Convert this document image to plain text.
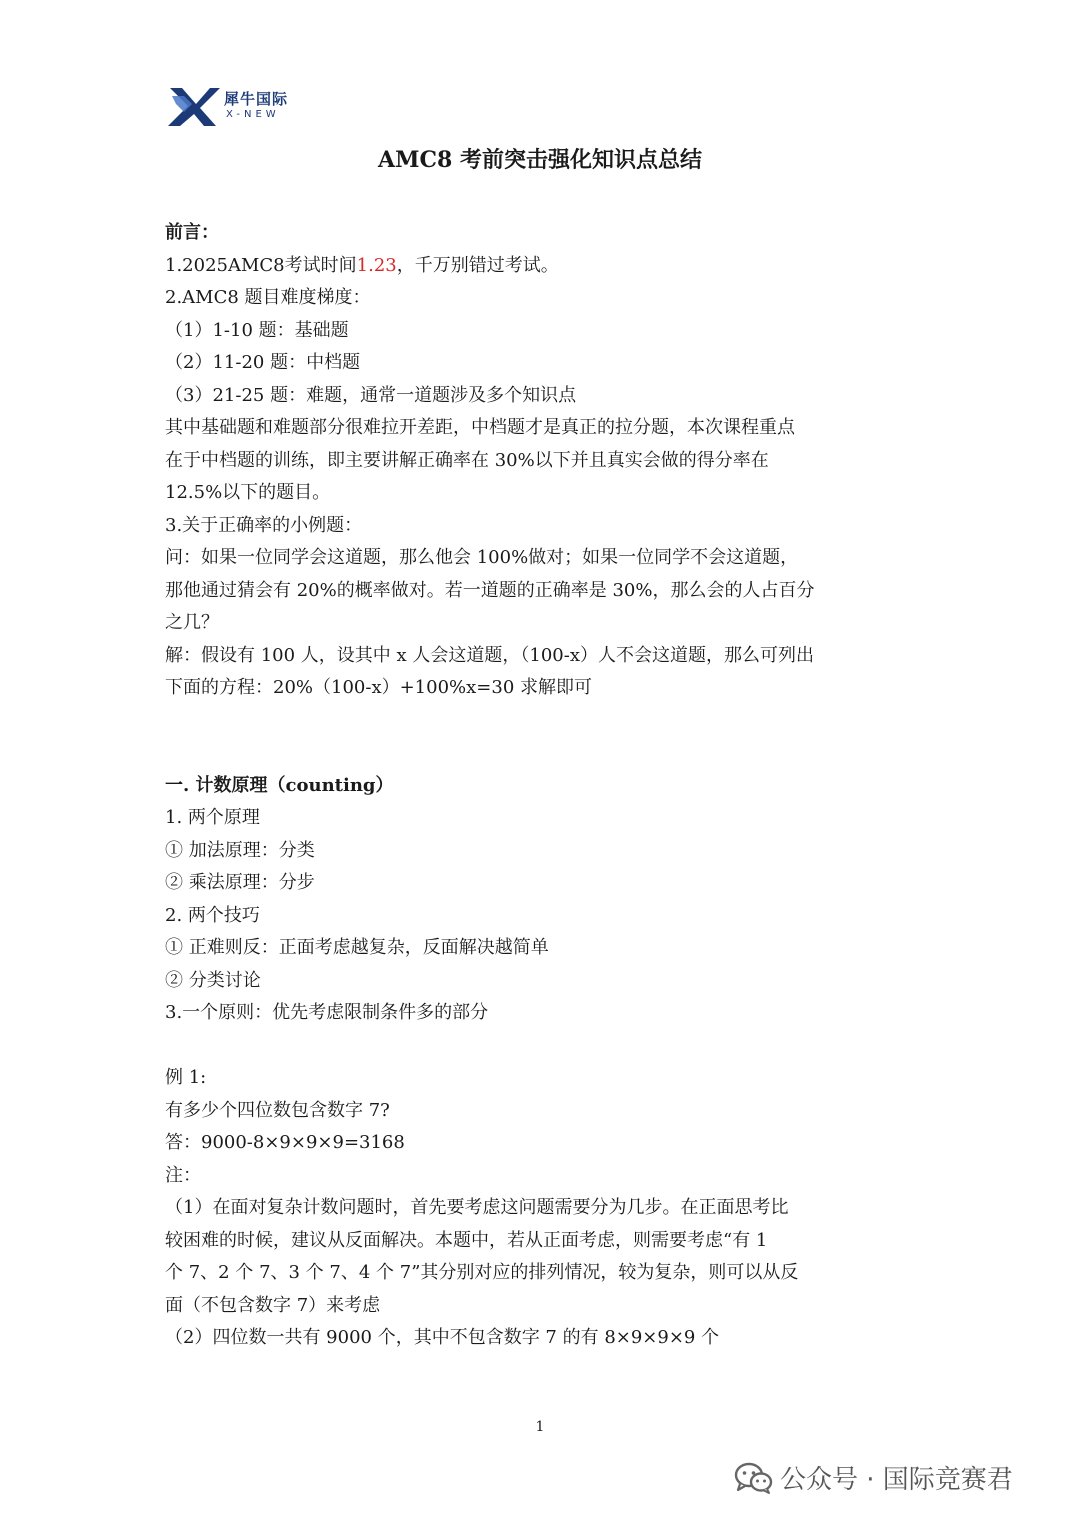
犀牛国际
X-NEW
AMC8 考前突击强化知识点总结

前言：

1.2025AMC8考试时间1.23，千万别错过考试。

2.AMC8 题目难度梯度：

（1）1-10 题：基础题

（2）11-20 题：中档题

（3）21-25 题：难题，通常一道题涉及多个知识点

其中基础题和难题部分很难拉开差距，中档题才是真正的拉分题，本次课程重点

在于中档题的训练，即主要讲解正确率在 30%以下并且真实会做的得分率在

12.5%以下的题目。

3.关于正确率的小例题：

问：如果一位同学会这道题，那么他会 100%做对；如果一位同学不会这道题，

那他通过猜会有 20%的概率做对。若一道题的正确率是 30%，那么会的人占百分

之几？

解：假设有 100 人，设其中 x 人会这道题，（100-x）人不会这道题，那么可列出

下面的方程：20%（100-x）+100%x=30 求解即可

一. 计数原理（counting）

1. 两个原理

① 加法原理：分类

② 乘法原理：分步

2. 两个技巧

① 正难则反：正面考虑越复杂，反面解决越简单

② 分类讨论

3.一个原则：优先考虑限制条件多的部分

例 1:

有多少个四位数包含数字 7?

答：9000-8×9×9×9=3168

注：

（1）在面对复杂计数问题时，首先要考虑这问题需要分为几步。在正面思考比

较困难的时候，建议从反面解决。本题中，若从正面考虑，则需要考虑“有 1

个 7、2 个 7、3 个 7、4 个 7”其分别对应的排列情况，较为复杂，则可以从反

面（不包含数字 7）来考虑

（2）四位数一共有 9000 个，其中不包含数字 7 的有 8×9×9×9 个

1
公众号 · 国际竞赛君
